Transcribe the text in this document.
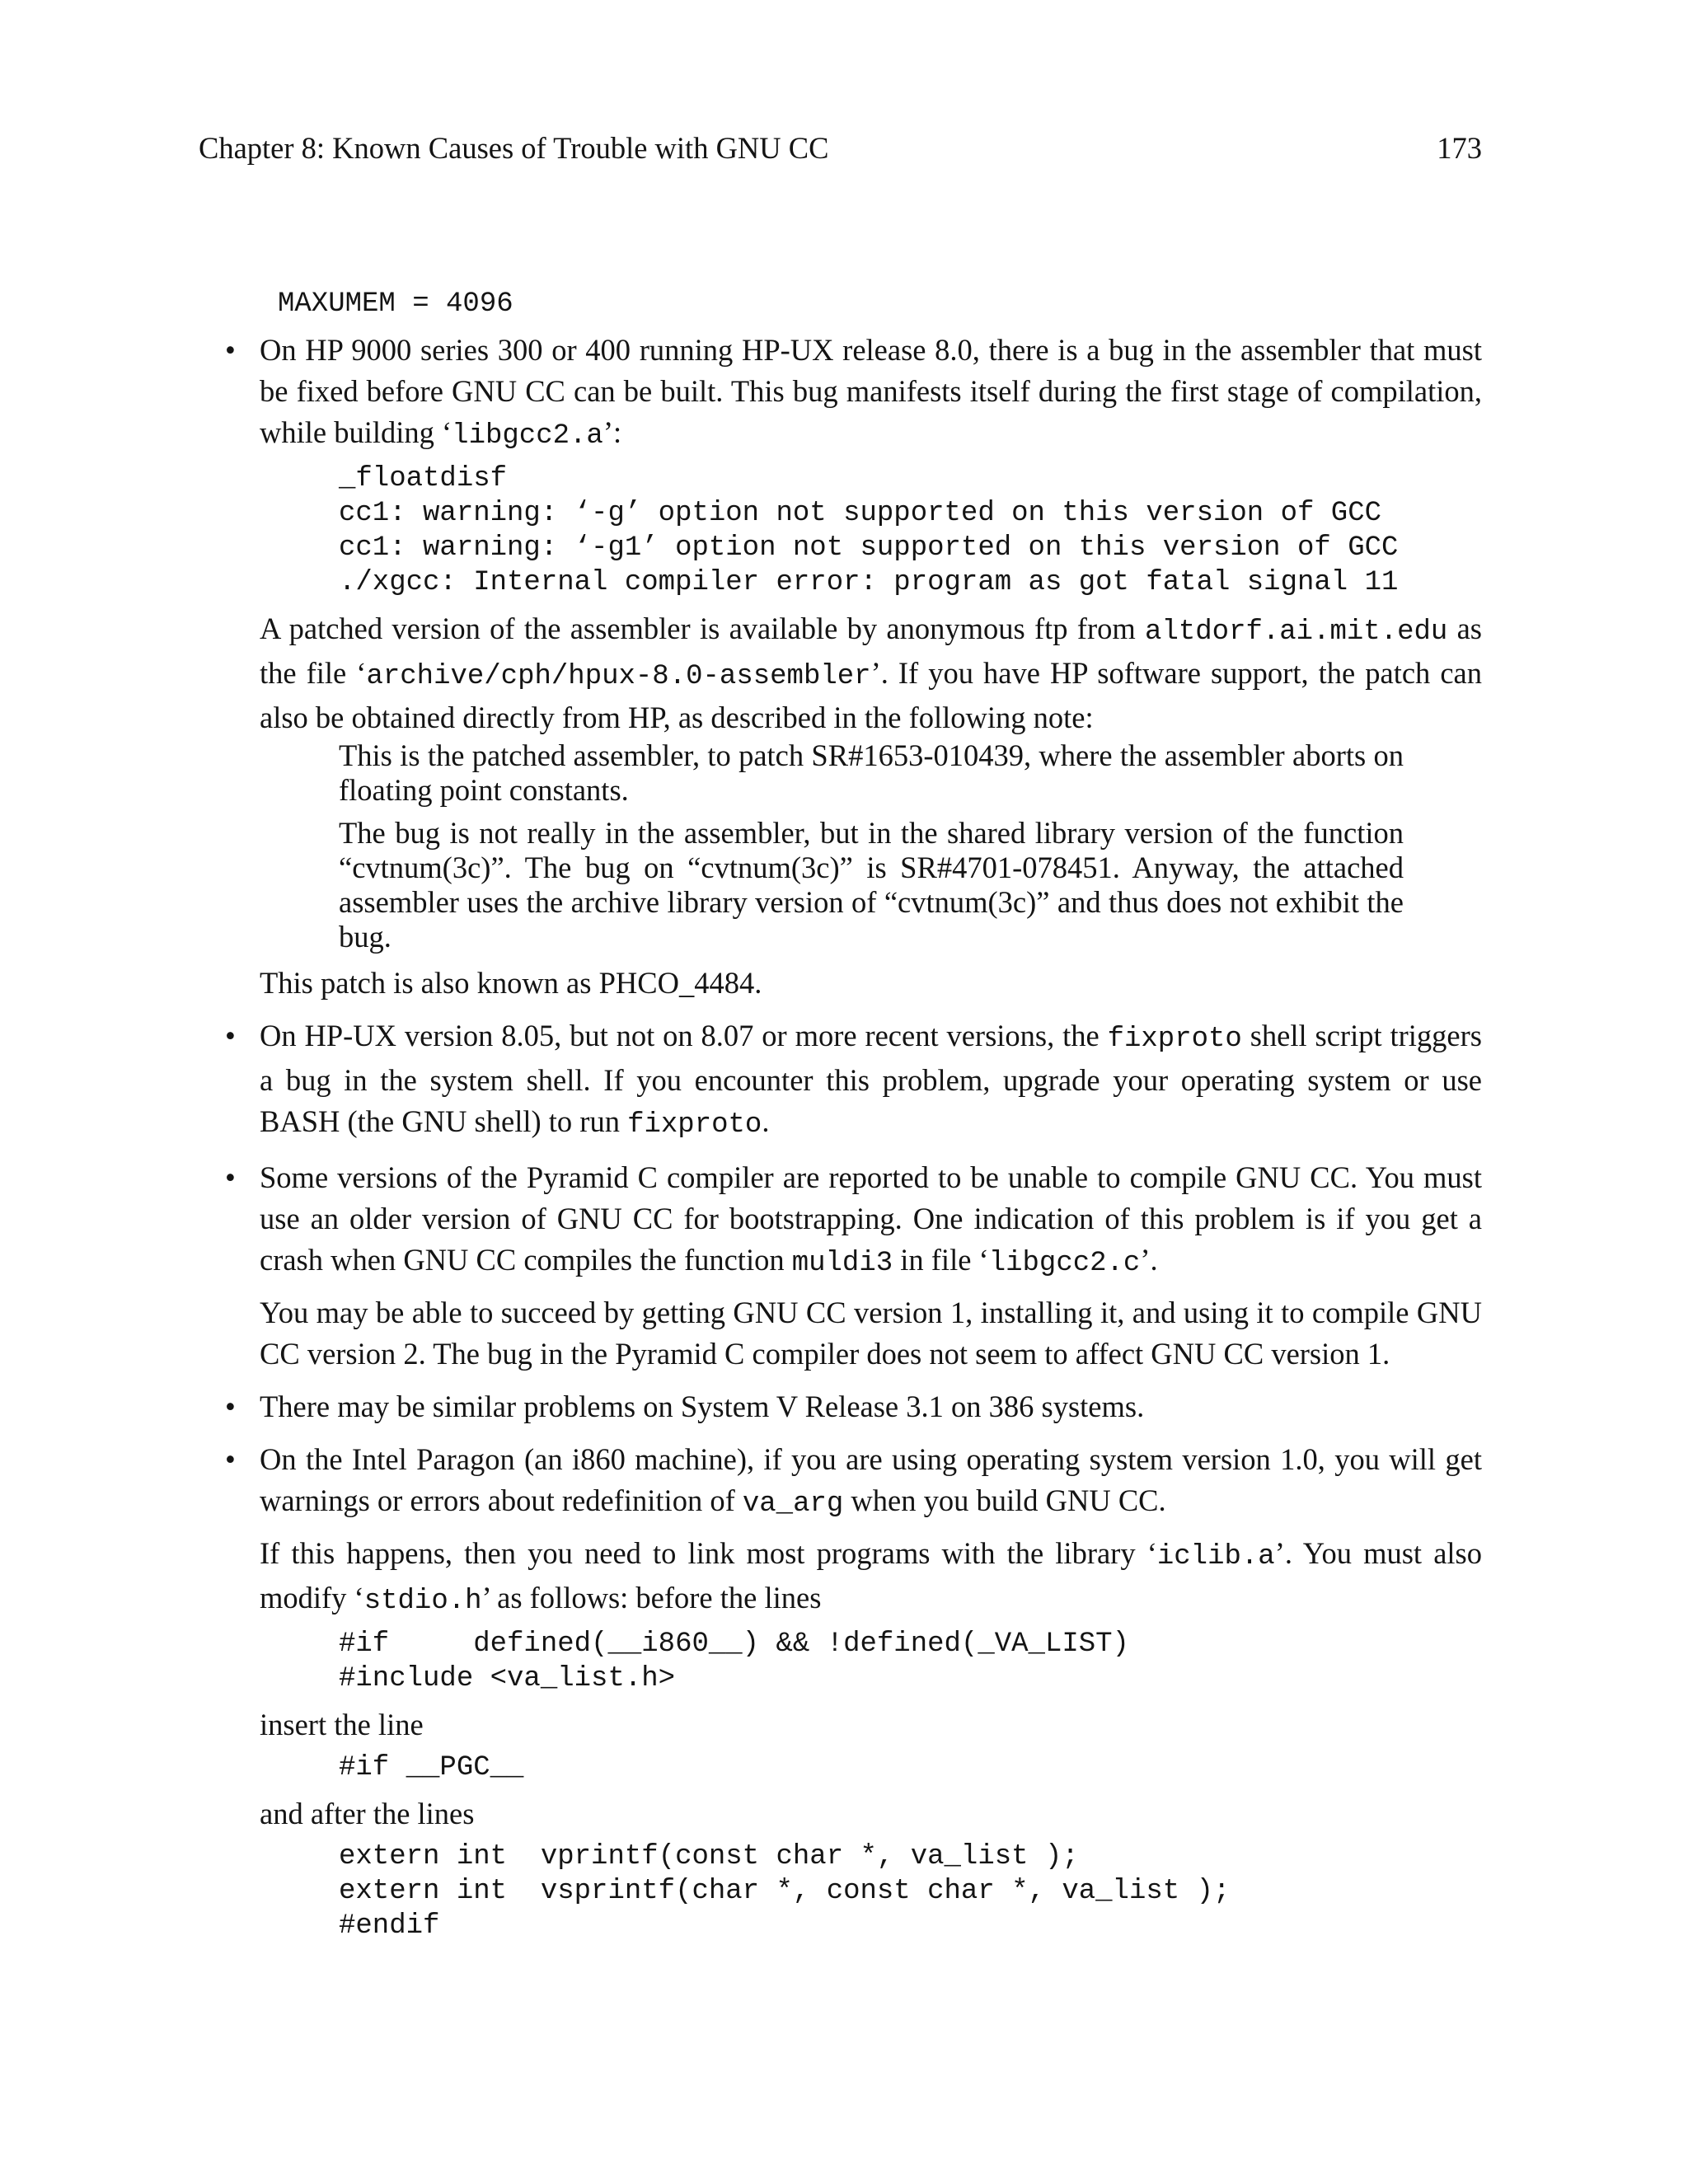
Chapter 8: Known Causes of Trouble with GNU CC	173
MAXUMEM = 4096
• On HP 9000 series 300 or 400 running HP-UX release 8.0, there is a bug in the assembler that must be fixed before GNU CC can be built. This bug manifests itself during the first stage of compilation, while building ‘libgcc2.a’:

_floatdisf
cc1: warning: ‘-g’ option not supported on this version of GCC
cc1: warning: ‘-g1’ option not supported on this version of GCC
./xgcc: Internal compiler error: program as got fatal signal 11

A patched version of the assembler is available by anonymous ftp from altdorf.ai.mit.edu as the file ‘archive/cph/hpux-8.0-assembler’. If you have HP software support, the patch can also be obtained directly from HP, as described in the following note:

This is the patched assembler, to patch SR#1653-010439, where the assembler aborts on floating point constants.

The bug is not really in the assembler, but in the shared library version of the function “cvtnum(3c)”. The bug on “cvtnum(3c)” is SR#4701-078451. Anyway, the attached assembler uses the archive library version of “cvtnum(3c)” and thus does not exhibit the bug.

This patch is also known as PHCO_4484.

• On HP-UX version 8.05, but not on 8.07 or more recent versions, the fixproto shell script triggers a bug in the system shell. If you encounter this problem, upgrade your operating system or use BASH (the GNU shell) to run fixproto.

• Some versions of the Pyramid C compiler are reported to be unable to compile GNU CC. You must use an older version of GNU CC for bootstrapping. One indication of this problem is if you get a crash when GNU CC compiles the function muldi3 in file ‘libgcc2.c’.

You may be able to succeed by getting GNU CC version 1, installing it, and using it to compile GNU CC version 2. The bug in the Pyramid C compiler does not seem to affect GNU CC version 1.

• There may be similar problems on System V Release 3.1 on 386 systems.

• On the Intel Paragon (an i860 machine), if you are using operating system version 1.0, you will get warnings or errors about redefinition of va_arg when you build GNU CC.

If this happens, then you need to link most programs with the library ‘iclib.a’. You must also modify ‘stdio.h’ as follows: before the lines

#if     defined(__i860__) && !defined(_VA_LIST)
#include <va_list.h>

insert the line

#if __PGC__

and after the lines

extern int  vprintf(const char *, va_list );
extern int  vsprintf(char *, const char *, va_list );
#endif
